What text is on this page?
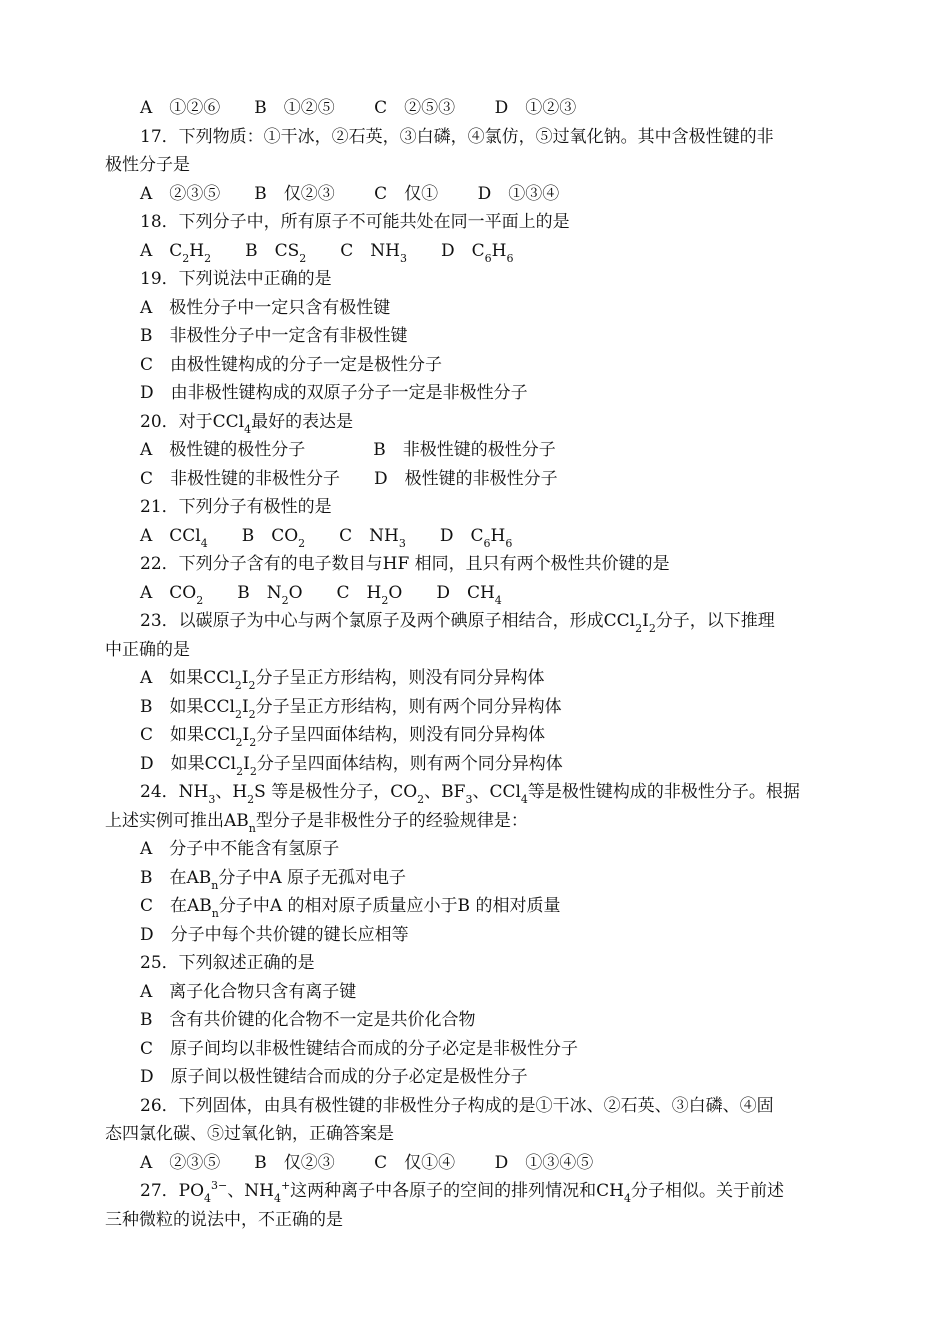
A　①②⑥　　B　①②⑤　　 C　②⑤③　　 D　①②③
17．下列物质：①干冰，②石英，③白磷，④氯仿，⑤过氧化钠。其中含极性键的非
极性分子是
A　②③⑤　　B　仅②③　　 C　仅①　　 D　①③④
18．下列分子中，所有原子不可能共处在同一平面上的是
A　$C_2H_2$　　B　$CS_2$　　C　$NH_3$　　D　$C_6H_6$
19．下列说法中正确的是
A　极性分子中一定只含有极性键
B　非极性分子中一定含有非极性键
C　由极性键构成的分子一定是极性分子
D　由非极性键构成的双原子分子一定是非极性分子
20．对于CCl$_4$最好的表达是
A　极性键的极性分子　　　　B　非极性键的极性分子
C　非极性键的非极性分子　　D　极性键的非极性分子
21．下列分子有极性的是
A　CCl$_4$　　B　$CO_2$　　C　$NH_3$　　D　$C_6H_6$
22．下列分子含有的电子数目与HF 相同，且只有两个极性共价键的是
A　$CO_2$　　B　$N_2O$　　C　$H_2O$　　D　$CH_4$
23．以碳原子为中心与两个氯原子及两个碘原子相结合，形成$CCl_2I_2$分子，以下推理
中正确的是
A　如果$CCl_2I_2$分子呈正方形结构，则没有同分异构体
B　如果$CCl_2I_2$分子呈正方形结构，则有两个同分异构体
C　如果$CCl_2I_2$分子呈四面体结构，则没有同分异构体
D　如果$CCl_2I_2$分子呈四面体结构，则有两个同分异构体
24．$NH_3$、$H_2S$ 等是极性分子，$CO_2$、$BF_3$、CCl$_4$等是极性键构成的非极性分子。根据
上述实例可推出$AB_n$型分子是非极性分子的经验规律是：
A　分子中不能含有氢原子
B　在$AB_n$分子中A 原子无孤对电子
C　在$AB_n$分子中A 的相对原子质量应小于B 的相对质量
D　分子中每个共价键的键长应相等
25．下列叙述正确的是
A　离子化合物只含有离子键
B　含有共价键的化合物不一定是共价化合物
C　原子间均以非极性键结合而成的分子必定是非极性分子
D　原子间以极性键结合而成的分子必定是极性分子
26．下列固体，由具有极性键的非极性分子构成的是①干冰、②石英、③白磷、④固
态四氯化碳、⑤过氧化钠，正确答案是
A　②③⑤　　B　仅②③　　 C　仅①④　　 D　①③④⑤
27．$PO_4^{3-}$、$NH_4^+$这两种离子中各原子的空间的排列情况和$CH_4$分子相似。关于前述
三种微粒的说法中，不正确的是
